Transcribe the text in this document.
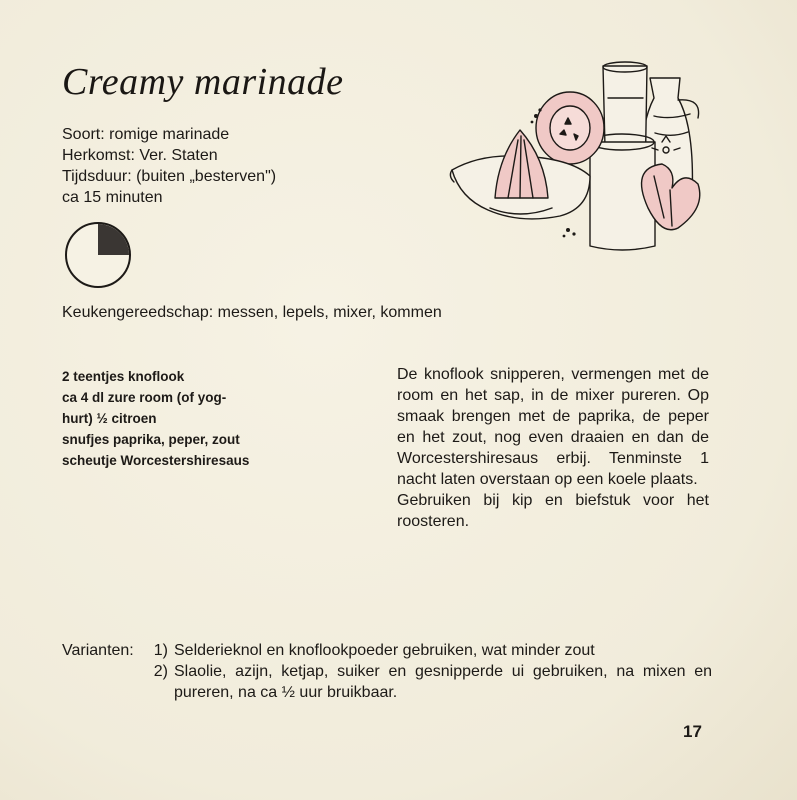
Creamy marinade
Soort: romige marinade
Herkomst: Ver. Staten
Tijdsduur: (buiten „besterven")
ca 15 minuten
Keukengereedschap: messen, lepels, mixer, kommen
2 teentjes knoflook
ca 4 dl zure room (of yog-
hurt) ½ citroen
snufjes paprika, peper, zout
scheutje Worcestershiresaus

De knoflook snipperen, vermengen met de room en het sap, in de mixer pureren. Op smaak brengen met de paprika, de peper en het zout, nog even draaien en dan de Worcestershiresaus erbij. Tenminste 1 nacht laten overstaan op een koele plaats.

Gebruiken bij kip en biefstuk voor het roosteren.

Varianten:	1) Selderieknol en knoflookpoeder gebruiken, wat minder zout
2) Slaolie, azijn, ketjap, suiker en gesnipperde ui gebruiken, na mixen en pureren, na ca ½ uur bruikbaar.
17
